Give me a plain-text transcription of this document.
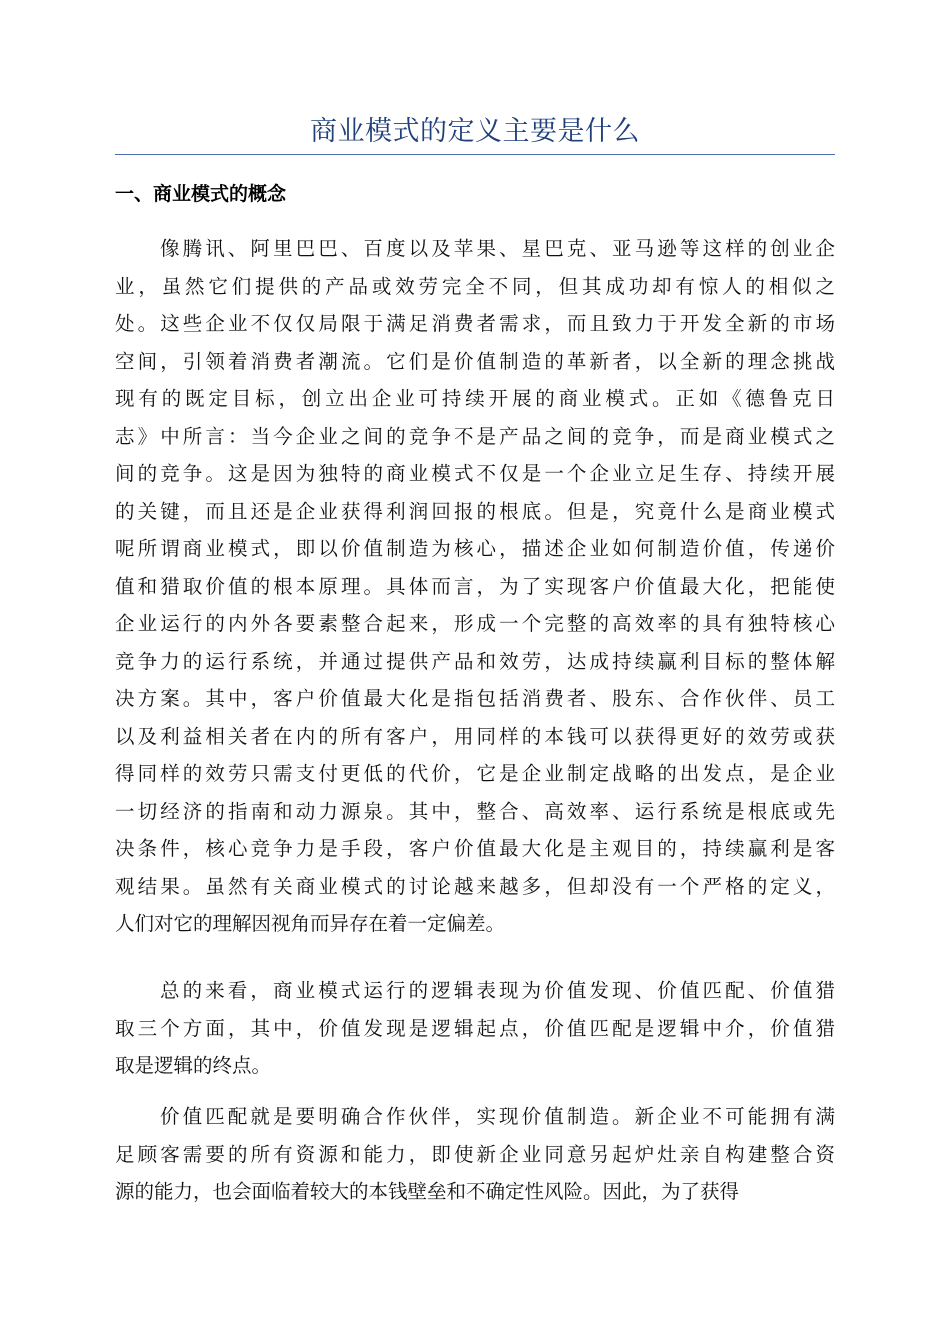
商业模式的定义主要是什么
一、商业模式的概念
像腾讯、阿里巴巴、百度以及苹果、星巴克、亚马逊等这样的创业企
业，虽然它们提供的产品或效劳完全不同，但其成功却有惊人的相似之
处。这些企业不仅仅局限于满足消费者需求，而且致力于开发全新的市场
空间，引领着消费者潮流。它们是价值制造的革新者，以全新的理念挑战
现有的既定目标，创立出企业可持续开展的商业模式。正如《德鲁克日
志》中所言：当今企业之间的竞争不是产品之间的竞争，而是商业模式之
间的竞争。这是因为独特的商业模式不仅是一个企业立足生存、持续开展
的关键，而且还是企业获得利润回报的根底。但是，究竟什么是商业模式
呢所谓商业模式，即以价值制造为核心，描述企业如何制造价值，传递价
值和猎取价值的根本原理。具体而言，为了实现客户价值最大化，把能使
企业运行的内外各要素整合起来，形成一个完整的高效率的具有独特核心
竞争力的运行系统，并通过提供产品和效劳，达成持续赢利目标的整体解
决方案。其中，客户价值最大化是指包括消费者、股东、合作伙伴、员工
以及利益相关者在内的所有客户，用同样的本钱可以获得更好的效劳或获
得同样的效劳只需支付更低的代价，它是企业制定战略的出发点，是企业
一切经济的指南和动力源泉。其中，整合、高效率、运行系统是根底或先
决条件，核心竞争力是手段，客户价值最大化是主观目的，持续赢利是客
观结果。虽然有关商业模式的讨论越来越多，但却没有一个严格的定义，
人们对它的理解因视角而异存在着一定偏差。
总的来看，商业模式运行的逻辑表现为价值发现、价值匹配、价值猎
取三个方面，其中，价值发现是逻辑起点，价值匹配是逻辑中介，价值猎
取是逻辑的终点。
价值匹配就是要明确合作伙伴，实现价值制造。新企业不可能拥有满
足顾客需要的所有资源和能力，即使新企业同意另起炉灶亲自构建整合资
源的能力，也会面临着较大的本钱壁垒和不确定性风险。因此，为了获得
